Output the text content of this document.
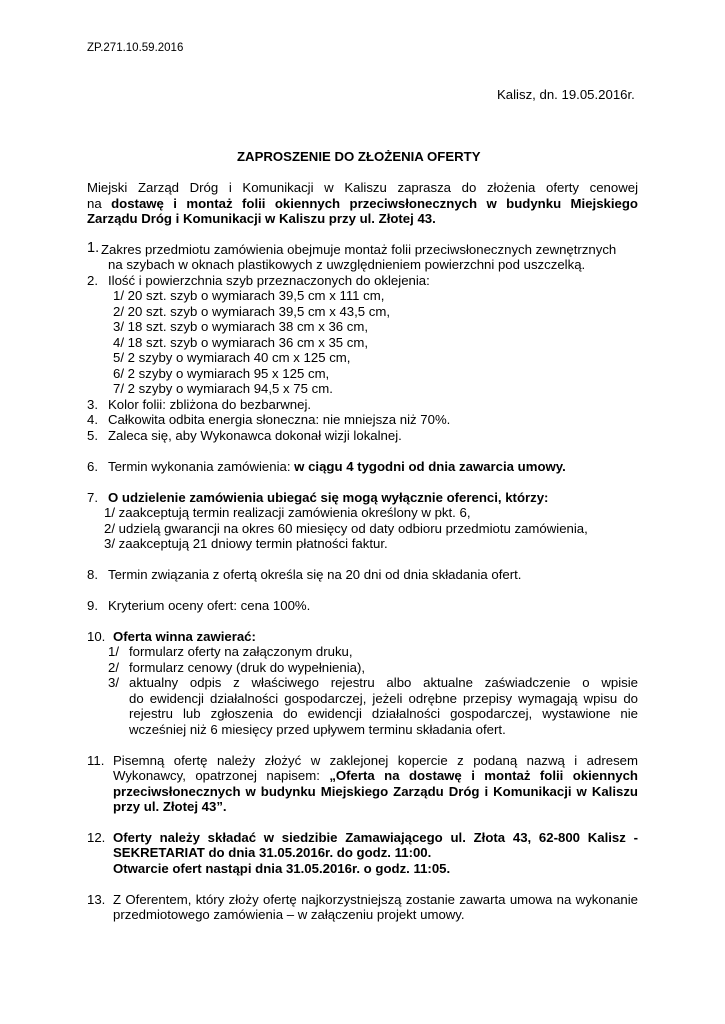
ZP.271.10.59.2016
Kalisz, dn. 19.05.2016r.
ZAPROSZENIE DO ZŁOŻENIA OFERTY
Miejski Zarząd Dróg i Komunikacji w Kaliszu zaprasza do złożenia oferty cenowej
na dostawę i montaż folii okiennych przeciwsłonecznych w budynku Miejskiego
Zarządu Dróg i Komunikacji w Kaliszu przy ul. Złotej 43.
1. Zakres przedmiotu zamówienia obejmuje montaż folii przeciwsłonecznych zewnętrznych
na szybach w oknach plastikowych z uwzględnieniem powierzchni pod uszczelką.
2. Ilość i powierzchnia szyb przeznaczonych do oklejenia:
1/ 20 szt. szyb o wymiarach 39,5 cm x 111 cm,
2/ 20 szt. szyb o wymiarach 39,5 cm x 43,5 cm,
3/ 18 szt. szyb o wymiarach 38 cm x 36 cm,
4/ 18 szt. szyb o wymiarach 36 cm x 35 cm,
5/ 2 szyby o wymiarach 40 cm x 125 cm,
6/ 2 szyby o wymiarach 95 x 125 cm,
7/ 2 szyby o wymiarach 94,5 x 75 cm.
3. Kolor folii: zbliżona do bezbarwnej.
4. Całkowita odbita energia słoneczna: nie mniejsza niż 70%.
5. Zaleca się, aby Wykonawca dokonał wizji lokalnej.
6. Termin wykonania zamówienia: w ciągu 4 tygodni od dnia zawarcia umowy.
7. O udzielenie zamówienia ubiegać się mogą wyłącznie oferenci, którzy:
1/ zaakceptują termin realizacji zamówienia określony w pkt. 6,
2/ udzielą gwarancji na okres 60 miesięcy od daty odbioru przedmiotu zamówienia,
3/ zaakceptują 21 dniowy termin płatności faktur.
8. Termin związania z ofertą określa się na 20 dni od dnia składania ofert.
9. Kryterium oceny ofert: cena 100%.
10. Oferta winna zawierać:
1/ formularz oferty na załączonym druku,
2/ formularz cenowy (druk do wypełnienia),
3/ aktualny odpis z właściwego rejestru albo aktualne zaświadczenie o wpisie
do ewidencji działalności gospodarczej, jeżeli odrębne przepisy wymagają wpisu do
rejestru lub zgłoszenia do ewidencji działalności gospodarczej, wystawione nie
wcześniej niż 6 miesięcy przed upływem terminu składania ofert.
11. Pisemną ofertę należy złożyć w zaklejonej kopercie z podaną nazwą i adresem
Wykonawcy, opatrzonej napisem: „Oferta na dostawę i montaż folii okiennych
przeciwsłonecznych w budynku Miejskiego Zarządu Dróg i Komunikacji w Kaliszu
przy ul. Złotej 43”.
12. Oferty należy składać w siedzibie Zamawiającego ul. Złota 43, 62-800 Kalisz -
SEKRETARIAT do dnia 31.05.2016r. do godz. 11:00.
Otwarcie ofert nastąpi dnia 31.05.2016r. o godz. 11:05.
13. Z Oferentem, który złoży ofertę najkorzystniejszą zostanie zawarta umowa na wykonanie
przedmiotowego zamówienia – w załączeniu projekt umowy.
